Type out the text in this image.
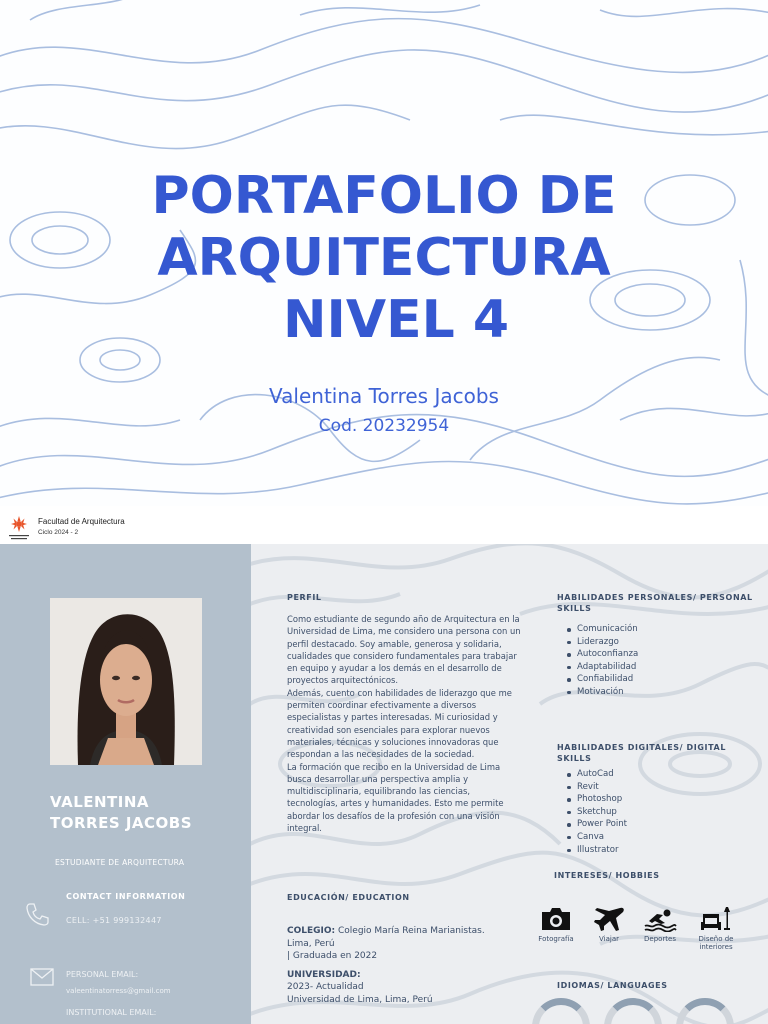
PORTAFOLIO DE
ARQUITECTURA
NIVEL 4
Valentina Torres Jacobs
Cod. 20232954
Facultad de Arquitectura
Ciclo 2024 - 2
VALENTINA
TORRES JACOBS
ESTUDIANTE DE ARQUITECTURA
CONTACT INFORMATION
CELL: +51 999132447
PERSONAL EMAIL:
valeentinatorress@gmail.com
INSTITUTIONAL EMAIL:
PERFIL

Como estudiante de segundo año de Arquitectura en la Universidad de Lima, me considero una persona con un perfil destacado. Soy amable, generosa y solidaria, cualidades que considero fundamentales para trabajar en equipo y ayudar a los demás en el desarrollo de proyectos arquitectónicos.

Además, cuento con habilidades de liderazgo que me permiten coordinar efectivamente a diversos especialistas y partes interesadas. Mi curiosidad y creatividad son esenciales para explorar nuevos materiales, técnicas y soluciones innovadoras que respondan a las necesidades de la sociedad.

La formación que recibo en la Universidad de Lima busca desarrollar una perspectiva amplia y multidisciplinaria, equilibrando las ciencias, tecnologías, artes y humanidades. Esto me permite abordar los desafíos de la profesión con una visión integral.

EDUCACIÓN/ EDUCATION
COLEGIO: Colegio María Reina Marianistas.
Lima, Perú
| Graduada en 2022
UNIVERSIDAD:
2023- Actualidad
Universidad de Lima, Lima, Perú
HABILIDADES PERSONALES/ PERSONAL SKILLS
Comunicación
Liderazgo
Autoconfianza
Adaptabilidad
Confiabilidad
Motivación
HABILIDADES DIGITALES/ DIGITAL SKILLS
AutoCad
Revit
Photoshop
Sketchup
Power Point
Canva
Illustrator
INTERESES/ HOBBIES
Fotografía	Viajar	Deportes	Diseño de interiores
IDIOMAS/ LANGUAGES
